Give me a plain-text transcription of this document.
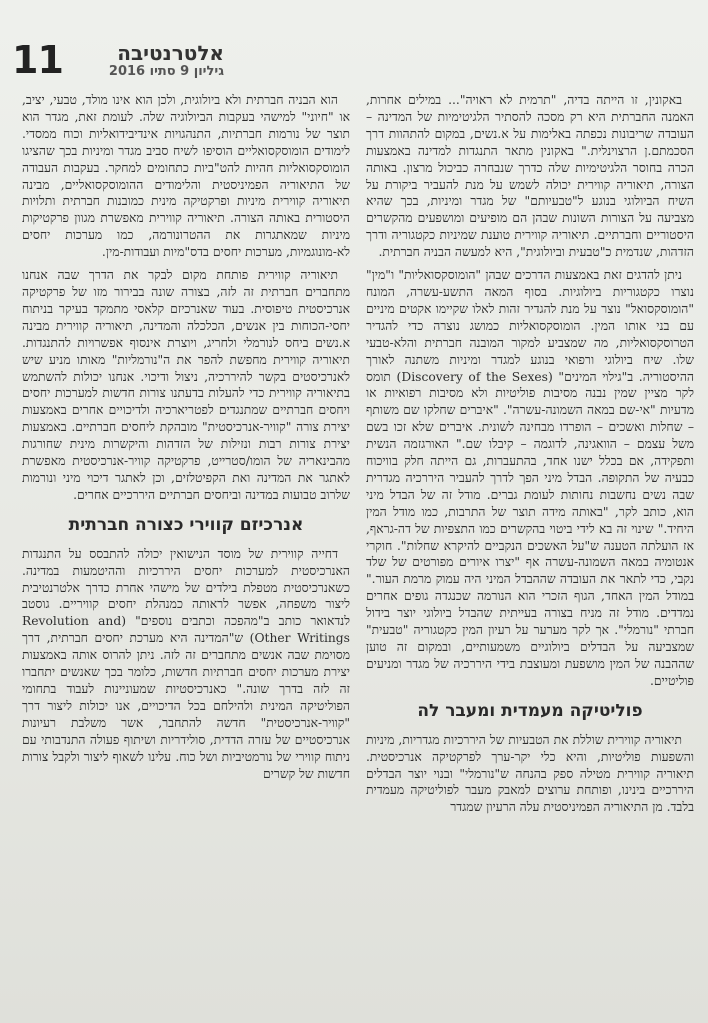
11	אלטרנטיבה
גיליון 9 סתיו 2016

באקונין, זו הייתה בדיה, "תרמית לא ראויה"... במילים אחרות, האמנה החברתית היא רק מסכה להסתיר הלגיטימיות של המדינה – העובדה שריבונות נכפתה באלימות על א.נשים, במקום להתהוות דרך הסכמתם.ן הרצוינלית." באקונין מתאר התנגדות למדינה באמצעות הכרה בחוסר הלגיטימיות שלה כדרך שנבחרה כביכול מרצון. באותה הצורה, תיאוריה קווירית יכולה לשמש על מנת להעביר ביקורת על השיח הביולוגי בנוגע ל"טבעיותם" של מגדר ומיניות, בכך שהיא מצביעה על הצורות השונות שבהן הם מופיעים ומושפעים מהקשרים היסטוריים וחברתיים. תיאוריה קווירית טוענת שמיניות כקטגוריה ודרך הזדהות, שנדמית כ"טבעית וביולוגית", היא למעשה הבניה חברתית.

ניתן להדגים זאת באמצעות הדרכים שבהן "הומוסקסואליות" ו"מין" נוצרו כקטגוריות ביולוגיות. בסוף המאה התשע-עשרה, המונח "הומוסקסואל" נוצר על מנת להגדיר זהות לאלו שקיימו אקטים מיניים עם בני אותו המין. הומוסקסואליות כמושג נוצרה כדי להגדיר הטרוסקסואליות, מה שמצביע למקור המובנה חברתית והלא-טבעי שלו. שיח ביולוגי ורפואי בנוגע למגדר ומיניות משתנה לאורך ההיסטוריה. ב"גילוי המינים" (Discovery of the Sexes) תומס לקר מציין שמין נבנה מסיבות פוליטיות ולא מסיבות רפואיות או מדעיות "אי-שם במאה השמונה-עשרה". "איברים שחלקו שם משותף – שחלות ואשכים – הופרדו מבחינה לשונית. איברים שלא זכו בשם משל עצמם – הוואגינה, לדוגמה – קיבלו שם." האורגזמה הנשית ותפקידה, אם בכלל ישנו אחד, בהתעברות, גם הייתה חלק בוויכוח כבעיה של התקופה. הבדל מיני הפך לדרך להעביר היררכיה מגדרית שבה נשים נחשבות נחותות לעומת גברים. מודל זה של הבדל מיני הוא, כותב לקר, "באותה מידה תוצר של התרבות, כמו מודל המין היחיד." שינוי זה בא לידי ביטוי בהקשרים כמו התצפיות של דה-גראף, אז הועלתה הטענה ש"על האשכים הנקביים להיקרא שחלות". חוקרי אנטומיה במאה השמונה-עשרה אף "יצרו איורים מפורטים של שלד נקבי, כדי לתאר את העובדה שההבדל המיני היה עמוק מרמת העור." במודל המין האחד, הגוף הזכרי הוא הנורמה שכנגדה גופים אחרים נמדדים. מודל זה מניח בצורה בעייתית שהבדל ביולוגי יוצר בידול חברתי "נורמלי". אך לקר מערער על רעיון המין כקטגוריה "טבעית" שמצביעה על הבדלים ביולוגיים משמעותיים, ובמקום זה טוען שההבנה של המין מושפעת ומעוצבת בידי היררכיה של מגדר ומניעים פוליטיים.

פוליטיקה מעמדית ומעבר לה

תיאוריה קווירית שוללת את הטבעיות של היררכיות מגדריות, מיניות והשפעות פוליטיות, והיא כלי יקר-ערך לפרקטיקה אנרכיסטית. תיאוריה קווירית מטילה ספק בהנחה ש"נורמלי" ובנוי יוצר הבדלים היררכיים בינינו, ופותחת ערוצים למאבק מעבר לפוליטיקה מעמדית בלבד. מן התיאוריה הפמיניסטית עלה הרעיון שמגדר

הוא הבניה חברתית ולא ביולוגית, ולכן הוא אינו מולד, טבעי, יציב, או "חיוני" למישהי בעקבות הביולוגיה שלה. לעומת זאת, מגדר הוא תוצר של נורמות חברתיות, התנהגויות אינדיבידואליות וכוח ממסדי. לימודים הומוסקסואליים הוסיפו לשיח סביב מגדר ומיניות בכך שהציגו הומוסקסואליות חהיות להט"ביות כתחומים למחקר. בעקבות העבודה של התיאוריה הפמיניסטית והלימודים ההומוסקסואליים, מבינה תיאוריה קווירית מיניות ופרקטיקה מינית כמובנות חברתית ותלויות היסטורית באותה הצורה. תיאוריה קווירית מאפשרת מגוון פרקטיקות מיניות שמאתגרות את ההטרונורמה, כמו מערכות יחסים לא-מונוגמיות, מערכות יחסים בדס"מיות ועבודות-מין.

תיאוריה קווירית פותחת מקום לבקר את הדרך שבה אנחנו מתחברים חברתית זה לזה, בצורה שונה בבירור מזו של פרקטיקה אנרכיסטית טיפוסית. בעוד שאנרכיזם קלאסי מתמקד בעיקר בניתוח יחסי-הכוחות בין אנשים, הכלכלה והמדינה, תיאוריה קווירית מבינה א.נשים ביחס לנורמלי ולחריג, ויוצרת אינסוף אפשרויות להתנגדות. תיאוריה קווירית מחפשת להפר את ה"נורמליות" מאותו מניע שיש לאנרכיסטים בקשר להיררכיה, ניצול ודיכוי. אנחנו יכולות להשתמש בתיאוריה קווירית כדי להעלות בדעתנו צורות חדשות למערכות יחסים ויחסים חברתיים שמתנגדים לפטריארכיה ולדיכויים אחרים באמצעות יצירת צורה "קוויר-אנרכיסטית" מובהקת ליחסים חברתיים. באמצעות יצירת צורות רבות ונזילות של הזדהות והיקשרות מינית שחורגות מהבינאריה של הומו/סטרייט, פרקטיקה קוויר-אנרכיסטית מאפשרת לאתגר את המדינה ואת הקפיטלזים, וכן לאתגר דיכוי מיני ונורמות שלרוב טבועות במדינה וביחסים חברתיים היררכיים אחרים.

אנרכיזם קווירי כצורה חברתית

דחייה קווירית של מוסד הנישואין יכולה להתבסס על התנגדות האנרכיסטית למערכות יחסים היררכיות וההיטמעות במדינה. כשאנרכיסטית מטפלת בילדים של מישהי אחרת כדרך אלטרנטיבית ליצור משפחה, אפשר לראותה כמנהלת יחסים קוויריים. גוסטב לנדאואר כותב ב"מהפכה וכתבים נוספים" (Revolution and Other Writings) ש"המדינה היא מערכת יחסים חברתית, דרך מסוימת שבה אנשים מתחברים זה לזה. ניתן להרוס אותה באמצעות יצירת מערכות יחסים חברתיות חדשות, כלומר בכך שאנשים יתחברו זה לזה בדרך שונה." כאנרכיסטיות שמעוניינות לעבוד בתחומי הפוליטיקה המינית ולהילחם בכל הדיכויים, אנו יכולות ליצור דרך "קוויר-אנרכיסטית" חדשה להתחבר, אשר משלבת רעיונות אנרכיסטיים של עזרה הדדית, סולידריות ושיתוף פעולה התנדבותי עם ניתוח קווירי של נורמטיביות ושל כוח. עלינו לשאוף ליצור ולקבל צורות חדשות של קשרים
